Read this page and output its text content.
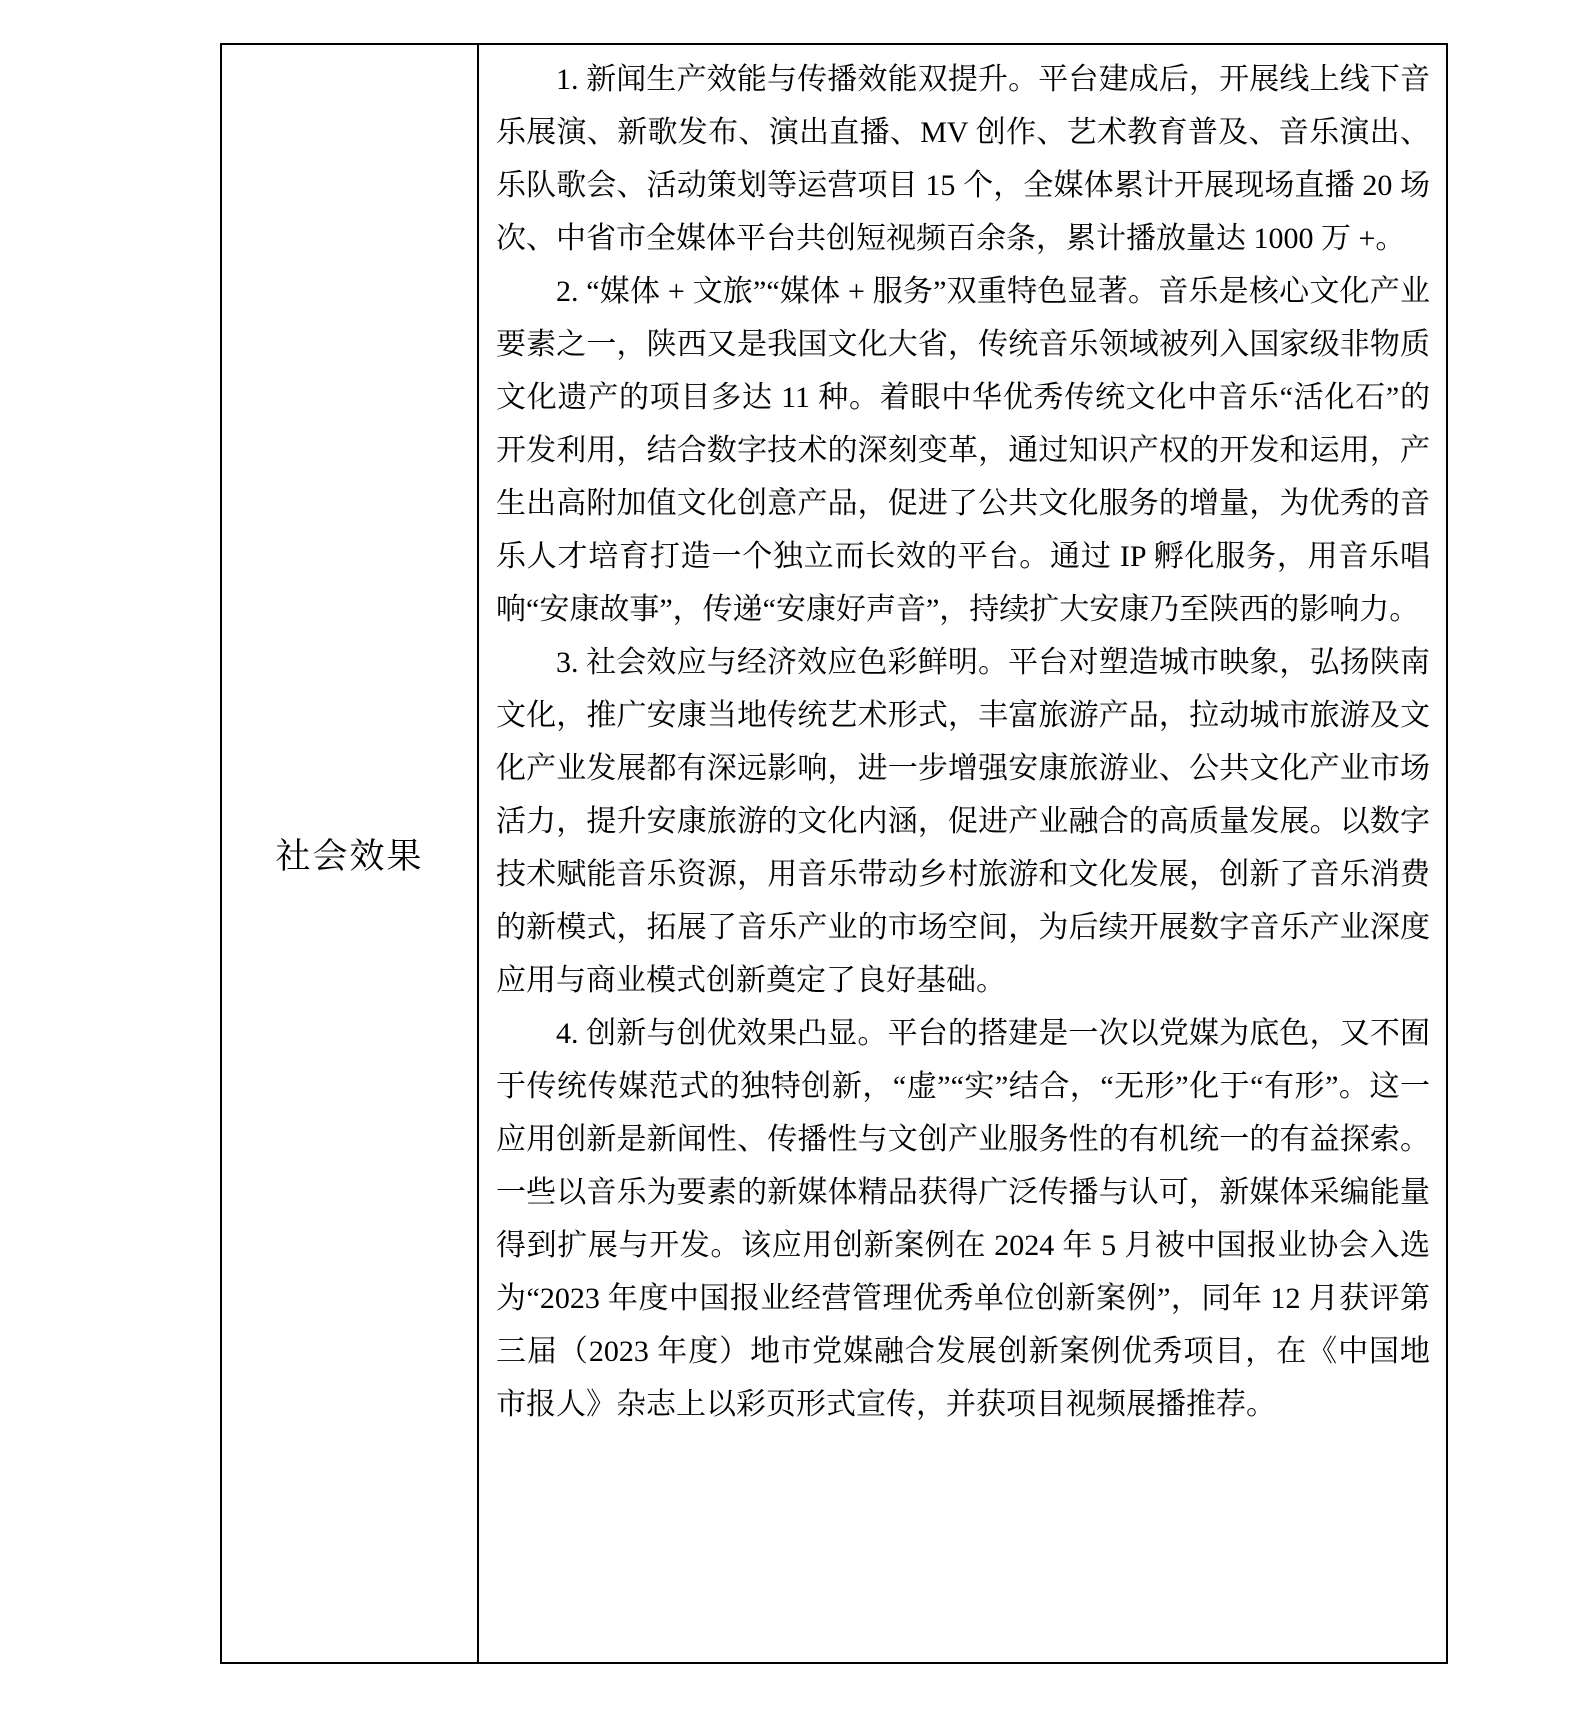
社会效果

1. 新闻生产效能与传播效能双提升。平台建成后，开展线上线下音乐展演、新歌发布、演出直播、MV 创作、艺术教育普及、音乐演出、乐队歌会、活动策划等运营项目 15 个，全媒体累计开展现场直播 20 场次、中省市全媒体平台共创短视频百余条，累计播放量达 1000 万 +。

2. “媒体 + 文旅”“媒体 + 服务”双重特色显著。音乐是核心文化产业要素之一，陕西又是我国文化大省，传统音乐领域被列入国家级非物质文化遗产的项目多达 11 种。着眼中华优秀传统文化中音乐“活化石”的开发利用，结合数字技术的深刻变革，通过知识产权的开发和运用，产生出高附加值文化创意产品，促进了公共文化服务的增量，为优秀的音乐人才培育打造一个独立而长效的平台。通过 IP 孵化服务，用音乐唱响“安康故事”，传递“安康好声音”，持续扩大安康乃至陕西的影响力。

3. 社会效应与经济效应色彩鲜明。平台对塑造城市映象，弘扬陕南文化，推广安康当地传统艺术形式，丰富旅游产品，拉动城市旅游及文化产业发展都有深远影响，进一步增强安康旅游业、公共文化产业市场活力，提升安康旅游的文化内涵，促进产业融合的高质量发展。以数字技术赋能音乐资源，用音乐带动乡村旅游和文化发展，创新了音乐消费的新模式，拓展了音乐产业的市场空间，为后续开展数字音乐产业深度应用与商业模式创新奠定了良好基础。

4. 创新与创优效果凸显。平台的搭建是一次以党媒为底色，又不囿于传统传媒范式的独特创新，“虚”“实”结合，“无形”化于“有形”。这一应用创新是新闻性、传播性与文创产业服务性的有机统一的有益探索。一些以音乐为要素的新媒体精品获得广泛传播与认可，新媒体采编能量得到扩展与开发。该应用创新案例在 2024 年 5 月被中国报业协会入选为“2023 年度中国报业经营管理优秀单位创新案例”，同年 12 月获评第三届（2023 年度）地市党媒融合发展创新案例优秀项目，在《中国地市报人》杂志上以彩页形式宣传，并获项目视频展播推荐。
